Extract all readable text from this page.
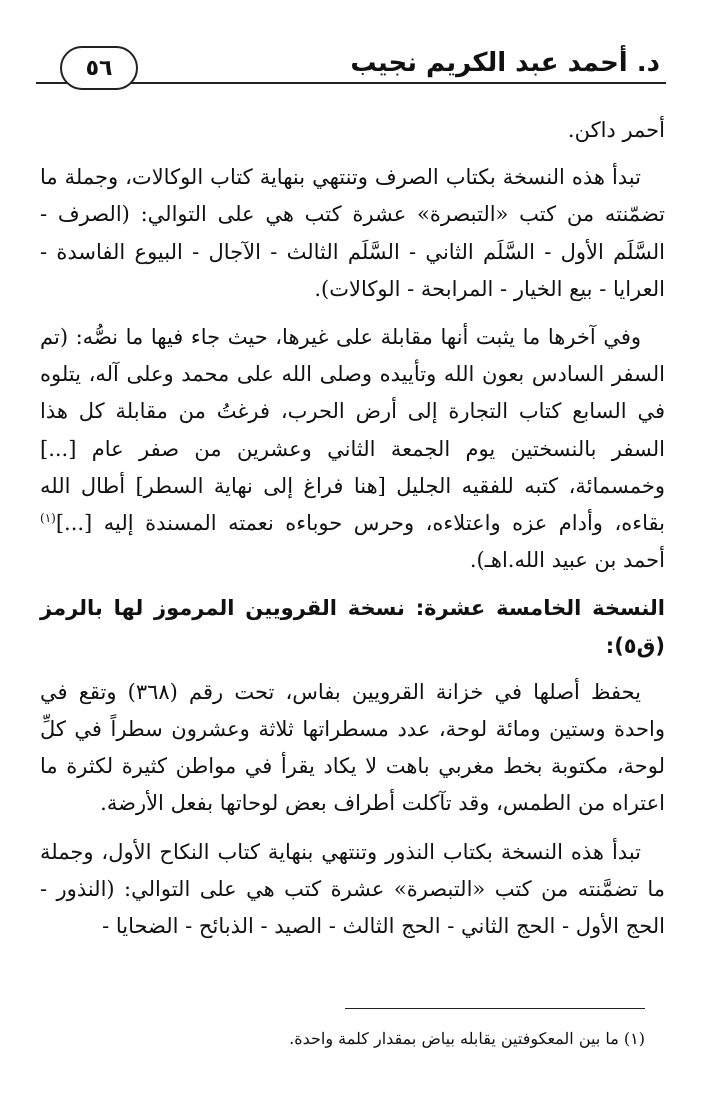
٥٦	د. أحمد عبد الكريم نجيب

أحمر داكن.

تبدأ هذه النسخة بكتاب الصرف وتنتهي بنهاية كتاب الوكالات، وجملة ما تضمّنته من كتب «التبصرة» عشرة كتب هي على التوالي: (الصرف - السَّلَم الأول - السَّلَم الثاني - السَّلَم الثالث - الآجال - البيوع الفاسدة - العرايا - بيع الخيار - المرابحة - الوكالات).

وفي آخرها ما يثبت أنها مقابلة على غيرها، حيث جاء فيها ما نصُّه: (تم السفر السادس بعون الله وتأييده وصلى الله على محمد وعلى آله، يتلوه في السابع كتاب التجارة إلى أرض الحرب، فرغتُ من مقابلة كل هذا السفر بالنسختين يوم الجمعة الثاني وعشرين من صفر عام [...] وخمسمائة، كتبه للفقيه الجليل [هنا فراغ إلى نهاية السطر] أطال الله بقاءه، وأدام عزه واعتلاءه، وحرس حوباءه نعمته المسندة إليه [...]$^{(١)}$ أحمد بن عبيد الله.اهـ).

النسخة الخامسة عشرة: نسخة القرويين المرموز لها بالرمز (ق٥):

يحفظ أصلها في خزانة القرويين بفاس، تحت رقم (٣٦٨) وتقع في واحدة وستين ومائة لوحة، عدد مسطراتها ثلاثة وعشرون سطراً في كلِّ لوحة، مكتوبة بخط مغربي باهت لا يكاد يقرأ في مواطن كثيرة لكثرة ما اعتراه من الطمس، وقد تآكلت أطراف بعض لوحاتها بفعل الأرضة.

تبدأ هذه النسخة بكتاب النذور وتنتهي بنهاية كتاب النكاح الأول، وجملة ما تضمَّنته من كتب «التبصرة» عشرة كتب هي على التوالي: (النذور - الحج الأول - الحج الثاني - الحج الثالث - الصيد - الذبائح - الضحايا -

(١) ما بين المعكوفتين يقابله بياض بمقدار كلمة واحدة.
